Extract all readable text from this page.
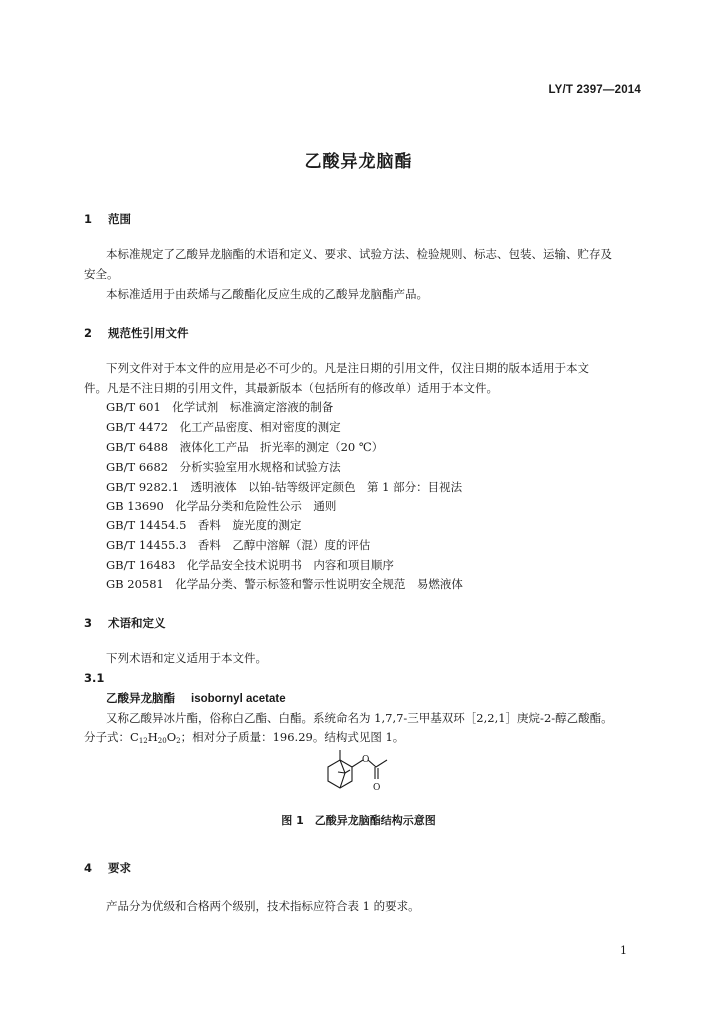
LY/T 2397—2014
乙酸异龙脑酯
1 范围
本标准规定了乙酸异龙脑酯的术语和定义、要求、试验方法、检验规则、标志、包装、运输、贮存及
安全。
本标准适用于由莰烯与乙酸酯化反应生成的乙酸异龙脑酯产品。
2 规范性引用文件
下列文件对于本文件的应用是必不可少的。凡是注日期的引用文件，仅注日期的版本适用于本文
件。凡是不注日期的引用文件，其最新版本（包括所有的修改单）适用于本文件。
GB/T 601　化学试剂　标准滴定溶液的制备
GB/T 4472　化工产品密度、相对密度的测定
GB/T 6488　液体化工产品　折光率的测定（20 ℃）
GB/T 6682　分析实验室用水规格和试验方法
GB/T 9282.1　透明液体　以铂-钴等级评定颜色　第 1 部分：目视法
GB 13690　化学品分类和危险性公示　通则
GB/T 14454.5　香料　旋光度的测定
GB/T 14455.3　香料　乙醇中溶解（混）度的评估
GB/T 16483　化学品安全技术说明书　内容和项目顺序
GB 20581　化学品分类、警示标签和警示性说明安全规范　易燃液体
3 术语和定义
下列术语和定义适用于本文件。
3.1
乙酸异龙脑酯 isobornyl acetate
又称乙酸异冰片酯，俗称白乙酯、白酯。系统命名为 1,7,7-三甲基双环［2,2,1］庚烷-2-醇乙酸酯。
分子式：$C_{12}H_{20}O_2$；相对分子质量：196.29。结构式见图 1。
O
O
图 1　乙酸异龙脑酯结构示意图
4 要求
产品分为优级和合格两个级别，技术指标应符合表 1 的要求。
1
